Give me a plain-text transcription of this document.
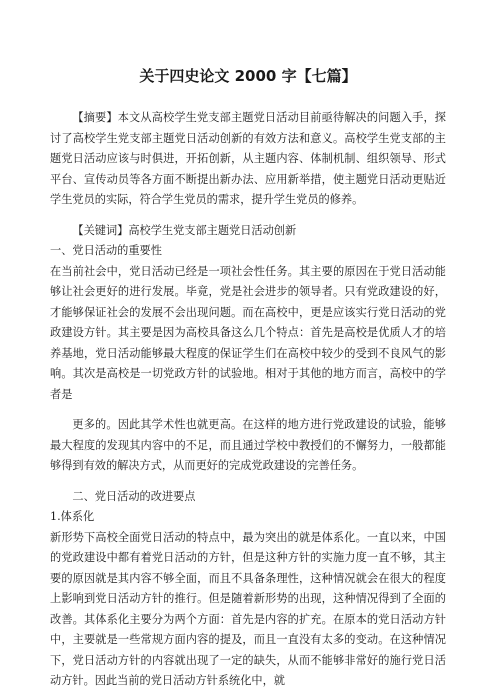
关于四史论文 2000 字【七篇】

【摘要】本文从高校学生党支部主题党日活动目前亟待解决的问题入手，探讨了高校学生党支部主题党日活动创新的有效方法和意义。高校学生党支部的主题党日活动应该与时俱进，开拓创新，从主题内容、体制机制、组织领导、形式平台、宣传动员等各方面不断提出新办法、应用新举措，使主题党日活动更贴近学生党员的实际，符合学生党员的需求，提升学生党员的修养。

【关键词】高校学生党支部主题党日活动创新

一、党日活动的重要性

在当前社会中，党日活动已经是一项社会性任务。其主要的原因在于党日活动能够让社会更好的进行发展。毕竟，党是社会进步的领导者。只有党政建设的好，才能够保证社会的发展不会出现问题。而在高校中，更是应该实行党日活动的党政建设方针。其主要是因为高校具备这么几个特点：首先是高校是优质人才的培养基地，党日活动能够最大程度的保证学生们在高校中较少的受到不良风气的影响。其次是高校是一切党政方针的试验地。相对于其他的地方而言，高校中的学者是

更多的。因此其学术性也就更高。在这样的地方进行党政建设的试验，能够最大程度的发现其内容中的不足，而且通过学校中教授们的不懈努力，一般都能够得到有效的解决方式，从而更好的完成党政建设的完善任务。

二、党日活动的改进要点

1.体系化

新形势下高校全面党日活动的特点中，最为突出的就是体系化。一直以来，中国的党政建设中都有着党日活动的方针，但是这种方针的实施力度一直不够，其主要的原因就是其内容不够全面，而且不具备条理性，这种情况就会在很大的程度上影响到党日活动方针的推行。但是随着新形势的出现，这种情况得到了全面的改善。其体系化主要分为两个方面：首先是内容的扩充。在原本的党日活动方针中，主要就是一些常规方面内容的提及，而且一直没有太多的变动。在这种情况下，党日活动方针的内容就出现了一定的缺失，从而不能够非常好的施行党日活动方针。因此当前的党日活动方针系统化中，就
